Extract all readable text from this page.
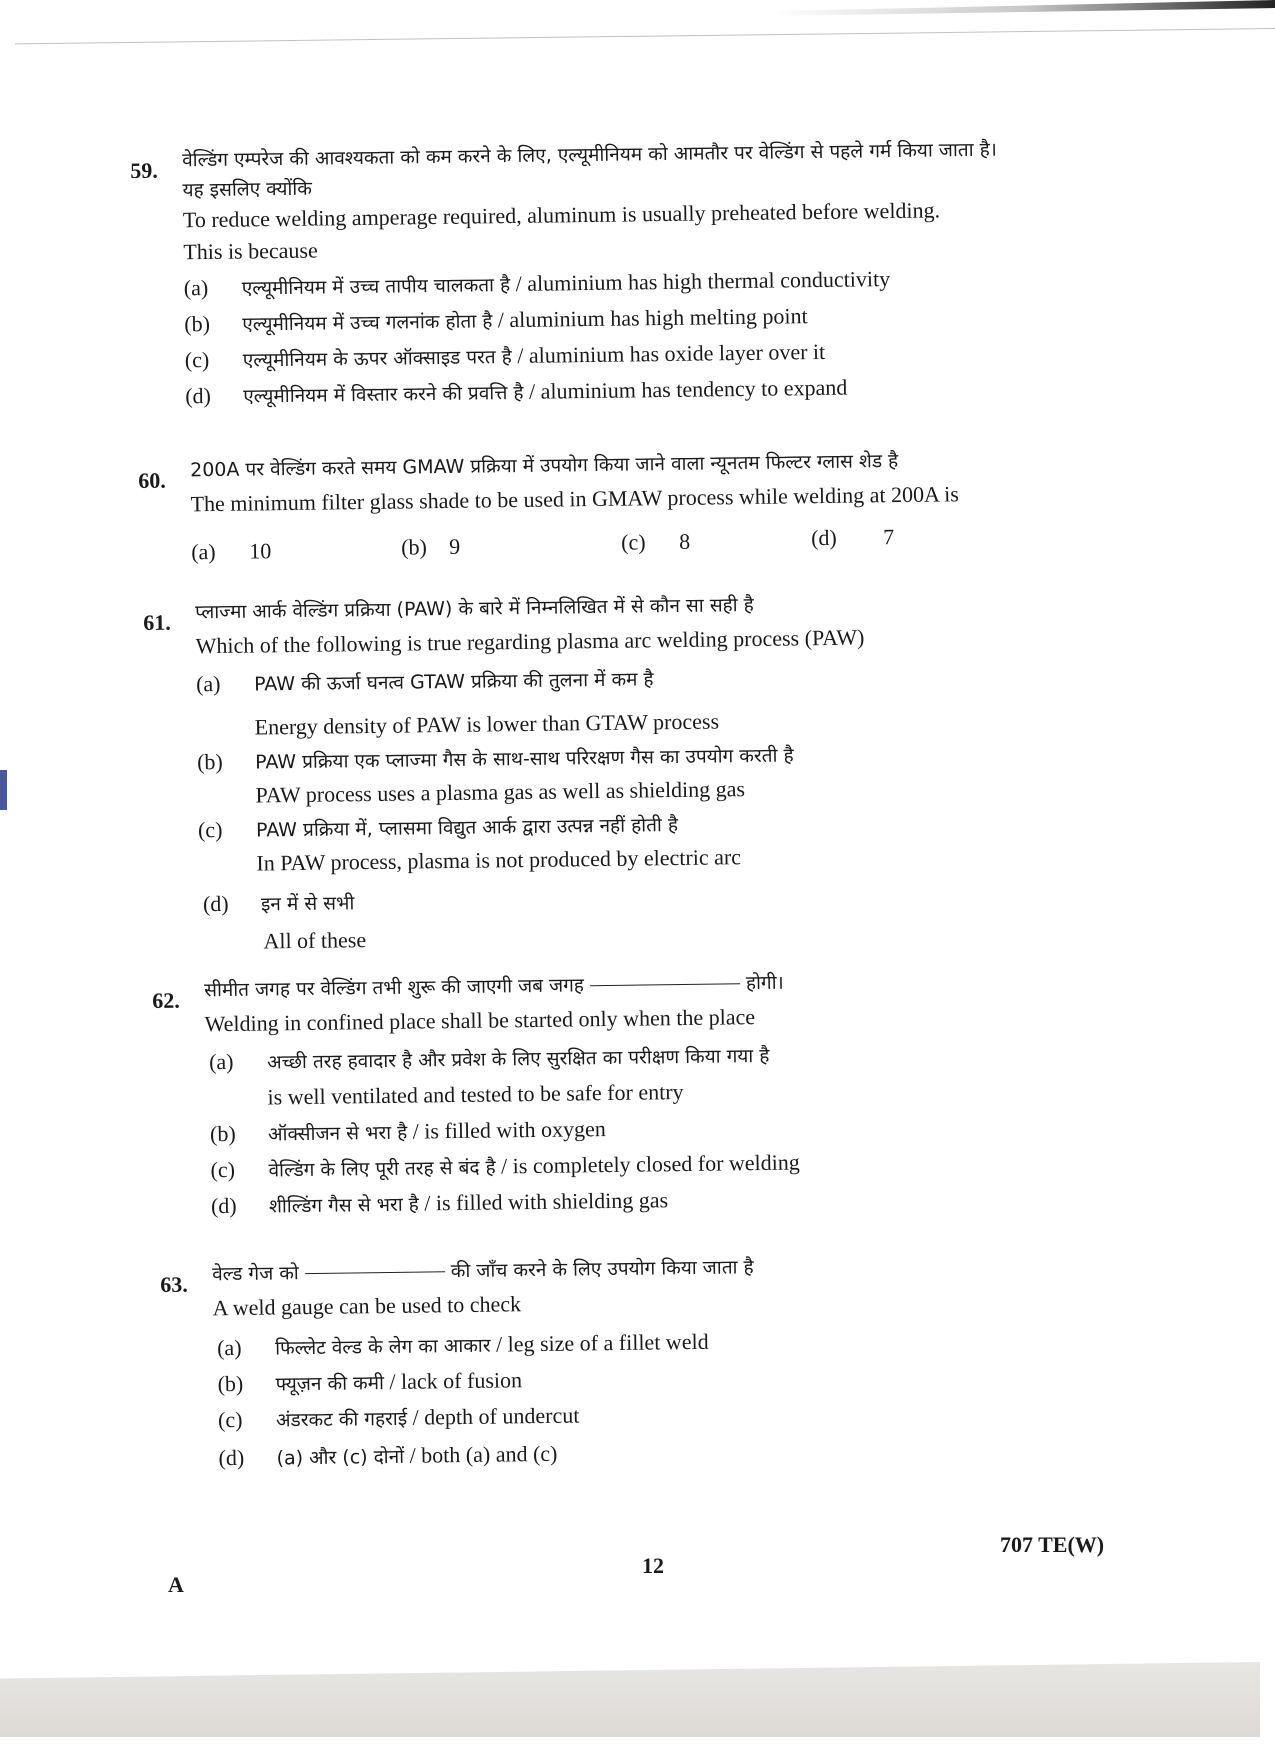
59. वेल्डिंग एम्परेज की आवश्यकता को कम करने के लिए, एल्यूमीनियम को आमतौर पर वेल्डिंग से पहले गर्म किया जाता है।
यह इसलिए क्योंकि
To reduce welding amperage required, aluminum is usually preheated before welding.
This is because
(a) एल्यूमीनियम में उच्च तापीय चालकता है / aluminium has high thermal conductivity
(b) एल्यूमीनियम में उच्च गलनांक होता है / aluminium has high melting point
(c) एल्यूमीनियम के ऊपर ऑक्साइड परत है / aluminium has oxide layer over it
(d) एल्यूमीनियम में विस्तार करने की प्रवत्ति है / aluminium has tendency to expand
60. 200A पर वेल्डिंग करते समय GMAW प्रक्रिया में उपयोग किया जाने वाला न्यूनतम फिल्टर ग्लास शेड है
The minimum filter glass shade to be used in GMAW process while welding at 200A is
(a) 10	(b) 9	(c) 8	(d) 7
61. प्लाज्मा आर्क वेल्डिंग प्रक्रिया (PAW) के बारे में निम्नलिखित में से कौन सा सही है
Which of the following is true regarding plasma arc welding process (PAW)
(a) PAW की ऊर्जा घनत्व GTAW प्रक्रिया की तुलना में कम है
Energy density of PAW is lower than GTAW process
(b) PAW प्रक्रिया एक प्लाज्मा गैस के साथ-साथ परिरक्षण गैस का उपयोग करती है
PAW process uses a plasma gas as well as shielding gas
(c) PAW प्रक्रिया में, प्लासमा विद्युत आर्क द्वारा उत्पन्न नहीं होती है
In PAW process, plasma is not produced by electric arc
(d) इन में से सभी
All of these
62. सीमीत जगह पर वेल्डिंग तभी शुरू की जाएगी जब जगह	होगी।
Welding in confined place shall be started only when the place
(a) अच्छी तरह हवादार है और प्रवेश के लिए सुरक्षित का परीक्षण किया गया है
is well ventilated and tested to be safe for entry
(b) ऑक्सीजन से भरा है / is filled with oxygen
(c) वेल्डिंग के लिए पूरी तरह से बंद है / is completely closed for welding
(d) शील्डिंग गैस से भरा है / is filled with shielding gas
63. वेल्ड गेज को	की जाँच करने के लिए उपयोग किया जाता है
A weld gauge can be used to check
(a) फिल्लेट वेल्ड के लेग का आकार / leg size of a fillet weld
(b) फ्यूज़न की कमी / lack of fusion
(c) अंडरकट की गहराई / depth of undercut
(d) (a) और (c) दोनों / both (a) and (c)
A
12
707 TE(W)
